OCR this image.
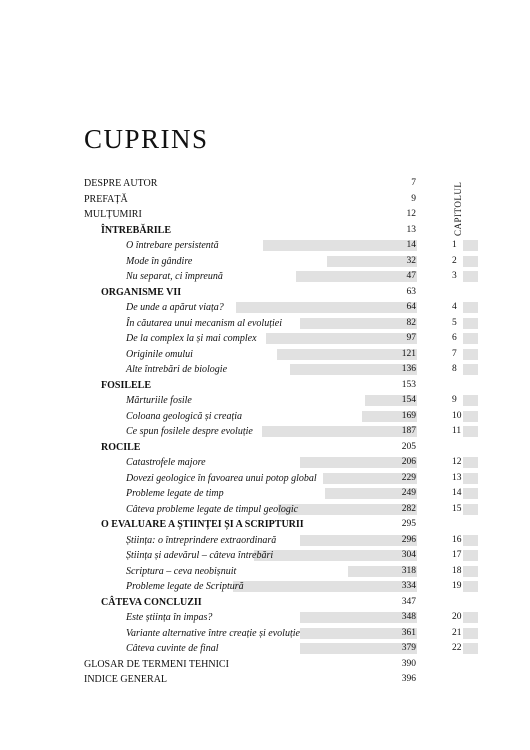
CUPRINS
CAPITOLUL
DESPRE AUTOR	7
PREFAȚĂ	9
MULȚUMIRI	12
ÎNTREBĂRILE	13
O întrebare persistentă	14	1
Mode în gândire	32	2
Nu separat, ci împreună	47	3
ORGANISME VII	63
De unde a apărut viața?	64	4
În căutarea unui mecanism al evoluției	82	5
De la complex la și mai complex	97	6
Originile omului	121	7
Alte întrebări de biologie	136	8
FOSILELE	153
Mărturiile fosile	154	9
Coloana geologică și creația	169	10
Ce spun fosilele despre evoluție	187	11
ROCILE	205
Catastrofele majore	206	12
Dovezi geologice în favoarea unui potop global	229	13
Probleme legate de timp	249	14
Câteva probleme legate de timpul geologic	282	15
O EVALUARE A ȘTIINȚEI ȘI A SCRIPTURII	295
Știința: o întreprindere extraordinară	296	16
Știința și adevărul – câteva întrebări	304	17
Scriptura – ceva neobișnuit	318	18
Probleme legate de Scriptură	334	19
CÂTEVA CONCLUZII	347
Este știința în impas?	348	20
Variante alternative între creație și evoluție	361	21
Câteva cuvinte de final	379	22
GLOSAR DE TERMENI TEHNICI	390
INDICE GENERAL	396
